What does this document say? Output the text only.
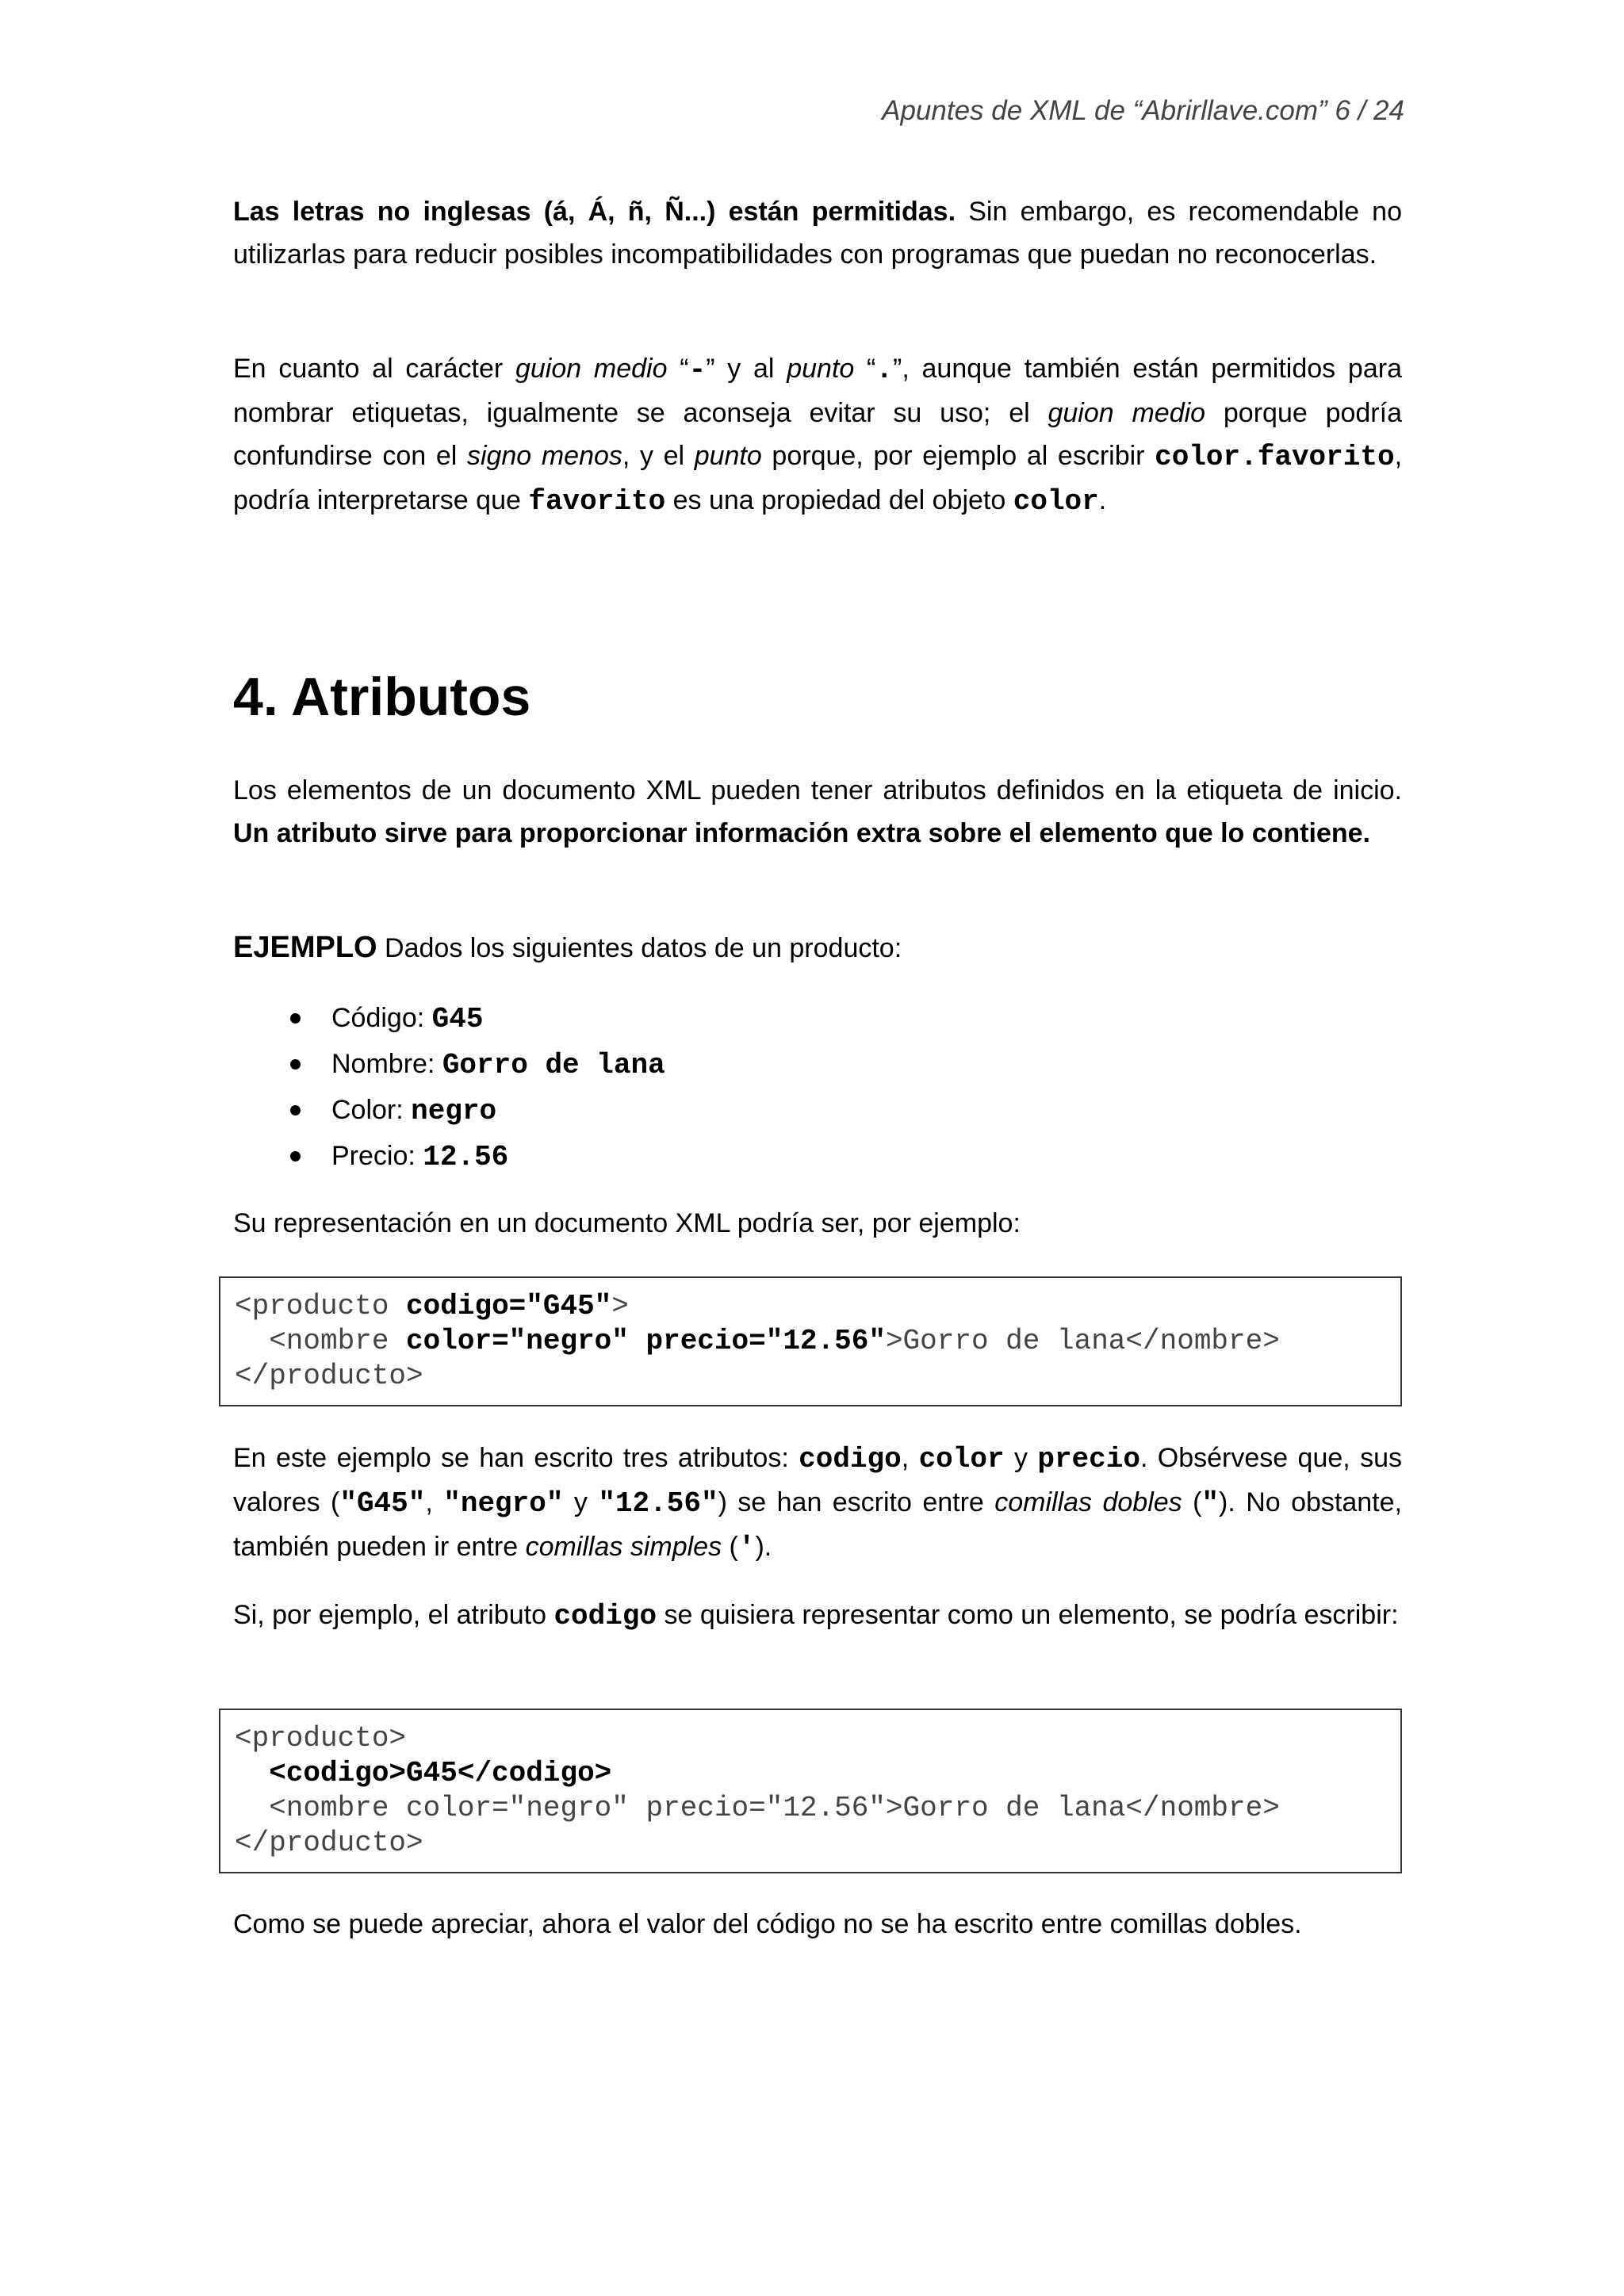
Apuntes de XML de “Abrirllave.com” 6 / 24

Las letras no inglesas (á, Á, ñ, Ñ...) están permitidas. Sin embargo, es recomendable no utilizarlas para reducir posibles incompatibilidades con programas que puedan no reconocerlas.

En cuanto al carácter guion medio “-” y al punto “.”, aunque también están permitidos para nombrar etiquetas, igualmente se aconseja evitar su uso; el guion medio porque podría confundirse con el signo menos, y el punto porque, por ejemplo al escribir color.favorito, podría interpretarse que favorito es una propiedad del objeto color.

4. Atributos

Los elementos de un documento XML pueden tener atributos definidos en la etiqueta de inicio. Un atributo sirve para proporcionar información extra sobre el elemento que lo contiene.

EJEMPLO Dados los siguientes datos de un producto:

Código: G45
Nombre: Gorro de lana
Color: negro
Precio: 12.56

Su representación en un documento XML podría ser, por ejemplo:

<producto codigo="G45">
<nombre color="negro" precio="12.56">Gorro de lana</nombre>
</producto>

En este ejemplo se han escrito tres atributos: codigo, color y precio. Obsérvese que, sus valores ("G45", "negro" y "12.56") se han escrito entre comillas dobles ("). No obstante, también pueden ir entre comillas simples (').

Si, por ejemplo, el atributo codigo se quisiera representar como un elemento, se podría escribir:

<producto>
<codigo>G45</codigo>
<nombre color="negro" precio="12.56">Gorro de lana</nombre>
</producto>

Como se puede apreciar, ahora el valor del código no se ha escrito entre comillas dobles.
